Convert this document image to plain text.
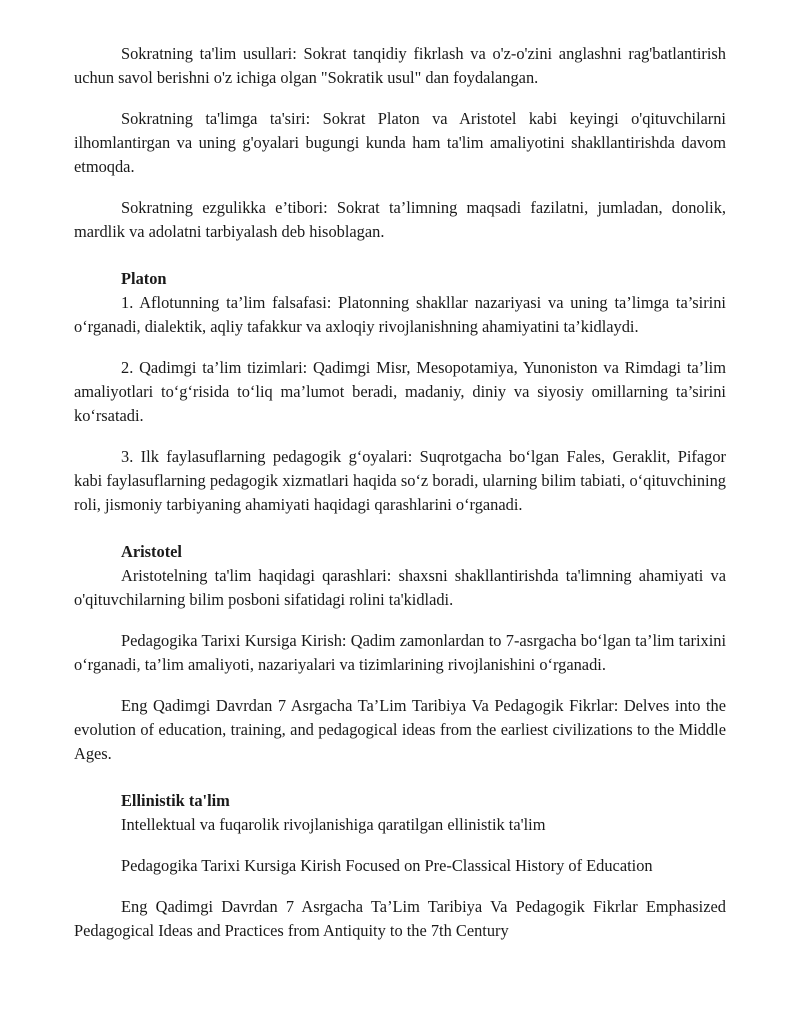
Sokratning ta'lim usullari: Sokrat tanqidiy fikrlash va o'z-o'zini anglashni rag'batlantirish uchun savol berishni o'z ichiga olgan "Sokratik usul" dan foydalangan.

Sokratning ta'limga ta'siri: Sokrat Platon va Aristotel kabi keyingi o'qituvchilarni ilhomlantirgan va uning g'oyalari bugungi kunda ham ta'lim amaliyotini shakllantirishda davom etmoqda.

Sokratning ezgulikka e’tibori: Sokrat ta’limning maqsadi fazilatni, jumladan, donolik, mardlik va adolatni tarbiyalash deb hisoblagan.

Platon

1. Aflotunning ta’lim falsafasi: Platonning shakllar nazariyasi va uning ta’limga ta’sirini o‘rganadi, dialektik, aqliy tafakkur va axloqiy rivojlanishning ahamiyatini ta’kidlaydi.

2. Qadimgi ta’lim tizimlari: Qadimgi Misr, Mesopotamiya, Yunoniston va Rimdagi ta’lim amaliyotlari to‘g‘risida to‘liq ma’lumot beradi, madaniy, diniy va siyosiy omillarning ta’sirini ko‘rsatadi.

3. Ilk faylasuflarning pedagogik g‘oyalari: Suqrotgacha bo‘lgan Fales, Geraklit, Pifagor kabi faylasuflarning pedagogik xizmatlari haqida so‘z boradi, ularning bilim tabiati, o‘qituvchining roli, jismoniy tarbiyaning ahamiyati haqidagi qarashlarini o‘rganadi.

Aristotel

Aristotelning ta'lim haqidagi qarashlari: shaxsni shakllantirishda ta'limning ahamiyati va o'qituvchilarning bilim posboni sifatidagi rolini ta'kidladi.

Pedagogika Tarixi Kursiga Kirish: Qadim zamonlardan to 7-asrgacha bo‘lgan ta’lim tarixini o‘rganadi, ta’lim amaliyoti, nazariyalari va tizimlarining rivojlanishini o‘rganadi.

Eng Qadimgi Davrdan 7 Asrgacha Ta’Lim Taribiya Va Pedagogik Fikrlar: Delves into the evolution of education, training, and pedagogical ideas from the earliest civilizations to the Middle Ages.

Ellinistik ta'lim

Intellektual va fuqarolik rivojlanishiga qaratilgan ellinistik ta'lim

Pedagogika Tarixi Kursiga Kirish Focused on Pre-Classical History of Education

Eng Qadimgi Davrdan 7 Asrgacha Ta’Lim Taribiya Va Pedagogik Fikrlar Emphasized Pedagogical Ideas and Practices from Antiquity to the 7th Century
